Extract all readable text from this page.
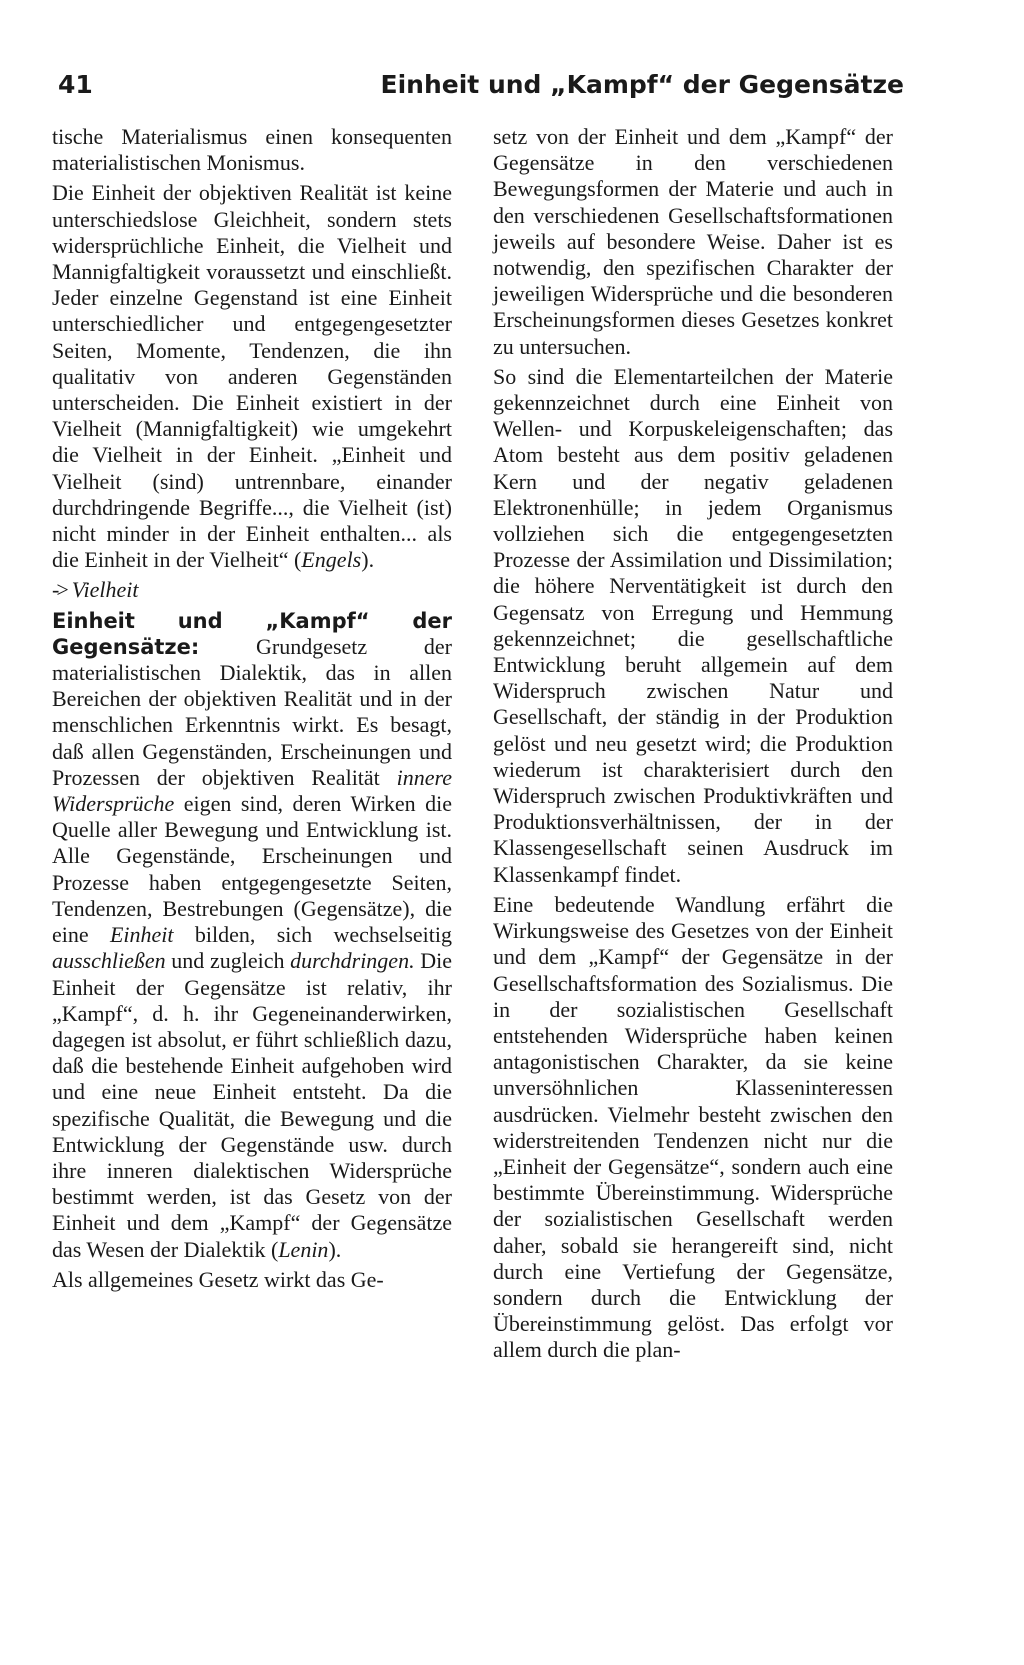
41	Einheit und „Kampf“ der Gegensätze

tische Materialismus einen konsequenten materialistischen Monismus.

Die Einheit der objektiven Realität ist keine unterschiedslose Gleichheit, sondern stets widersprüchliche Einheit, die Vielheit und Mannigfaltigkeit voraussetzt und einschließt. Jeder einzelne Gegenstand ist eine Einheit unterschiedlicher und entgegengesetzter Seiten, Momente, Tendenzen, die ihn qualitativ von anderen Gegenständen unterscheiden. Die Einheit existiert in der Vielheit (Mannigfaltigkeit) wie umgekehrt die Vielheit in der Einheit. „Einheit und Vielheit (sind) untrennbare, einander durchdringende Begriffe..., die Vielheit (ist) nicht minder in der Einheit enthalten... als die Einheit in der Vielheit“ (Engels).

-> Vielheit

Einheit und „Kampf“ der Gegensätze: Grundgesetz der materialistischen Dialektik, das in allen Bereichen der objektiven Realität und in der menschlichen Erkenntnis wirkt. Es besagt, daß allen Gegenständen, Erscheinungen und Prozessen der objektiven Realität innere Widersprüche eigen sind, deren Wirken die Quelle aller Bewegung und Entwicklung ist. Alle Gegenstände, Erscheinungen und Prozesse haben entgegengesetzte Seiten, Tendenzen, Bestrebungen (Gegensätze), die eine Einheit bilden, sich wechselseitig ausschließen und zugleich durchdringen. Die Einheit der Gegensätze ist relativ, ihr „Kampf“, d. h. ihr Gegeneinanderwirken, dagegen ist absolut, er führt schließlich dazu, daß die bestehende Einheit aufgehoben wird und eine neue Einheit entsteht. Da die spezifische Qualität, die Bewegung und die Entwicklung der Gegenstände usw. durch ihre inneren dialektischen Widersprüche bestimmt werden, ist das Gesetz von der Einheit und dem „Kampf“ der Gegensätze das Wesen der Dialektik (Lenin).

Als allgemeines Gesetz wirkt das Ge-

setz von der Einheit und dem „Kampf“ der Gegensätze in den verschiedenen Bewegungsformen der Materie und auch in den verschiedenen Gesellschaftsformationen jeweils auf besondere Weise. Daher ist es notwendig, den spezifischen Charakter der jeweiligen Widersprüche und die besonderen Erscheinungsformen dieses Gesetzes konkret zu untersuchen.

So sind die Elementarteilchen der Materie gekennzeichnet durch eine Einheit von Wellen- und Korpuskeleigenschaften; das Atom besteht aus dem positiv geladenen Kern und der negativ geladenen Elektronenhülle; in jedem Organismus vollziehen sich die entgegengesetzten Prozesse der Assimilation und Dissimilation; die höhere Nerventätigkeit ist durch den Gegensatz von Erregung und Hemmung gekennzeichnet; die gesellschaftliche Entwicklung beruht allgemein auf dem Widerspruch zwischen Natur und Gesellschaft, der ständig in der Produktion gelöst und neu gesetzt wird; die Produktion wiederum ist charakterisiert durch den Widerspruch zwischen Produktivkräften und Produktionsverhältnissen, der in der Klassengesellschaft seinen Ausdruck im Klassenkampf findet.

Eine bedeutende Wandlung erfährt die Wirkungsweise des Gesetzes von der Einheit und dem „Kampf“ der Gegensätze in der Gesellschaftsformation des Sozialismus. Die in der sozialistischen Gesellschaft entstehenden Widersprüche haben keinen antagonistischen Charakter, da sie keine unversöhnlichen Klasseninteressen ausdrücken. Vielmehr besteht zwischen den widerstreitenden Tendenzen nicht nur die „Einheit der Gegensätze“, sondern auch eine bestimmte Übereinstimmung. Widersprüche der sozialistischen Gesellschaft werden daher, sobald sie herangereift sind, nicht durch eine Vertiefung der Gegensätze, sondern durch die Entwicklung der Übereinstimmung gelöst. Das erfolgt vor allem durch die plan-
